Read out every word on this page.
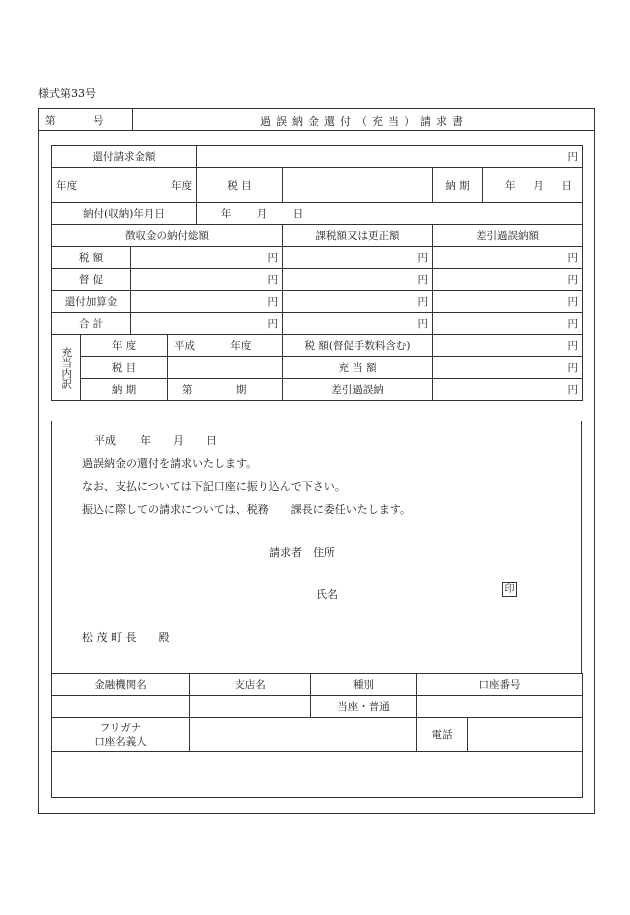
様式第33号
第	号	過誤納金還付（充当）請求書
還付請求金額				円			

年度 年度				税 目		納 期	年 月 日

納付(収納)年月日				年 月 日			
徴収金の納付総額					課税額又は更正額	差引過誤納額	
税 額		円			円	円	
督 促		円			円	円	
還付加算金		円			円	円	
合 計		円			円	円	
充当内訳	年 度		平成 年度		税 額(督促手数料含む)	円	
	税 目				充 当 額	円	
	納 期		第 期		差引過誤納	円	
平成 年 月 日
過誤納金の還付を請求いたします。
なお、支払については下記口座に振り込んで下さい。
振込に際しての請求については、税務　　課長に委任いたします。
請求者　住所
氏名	印
松 茂 町 長　　殿
金融機関名	支店名	種別	口座番号	
		当座・普通		

フリガナ
口座名義人			電話	
